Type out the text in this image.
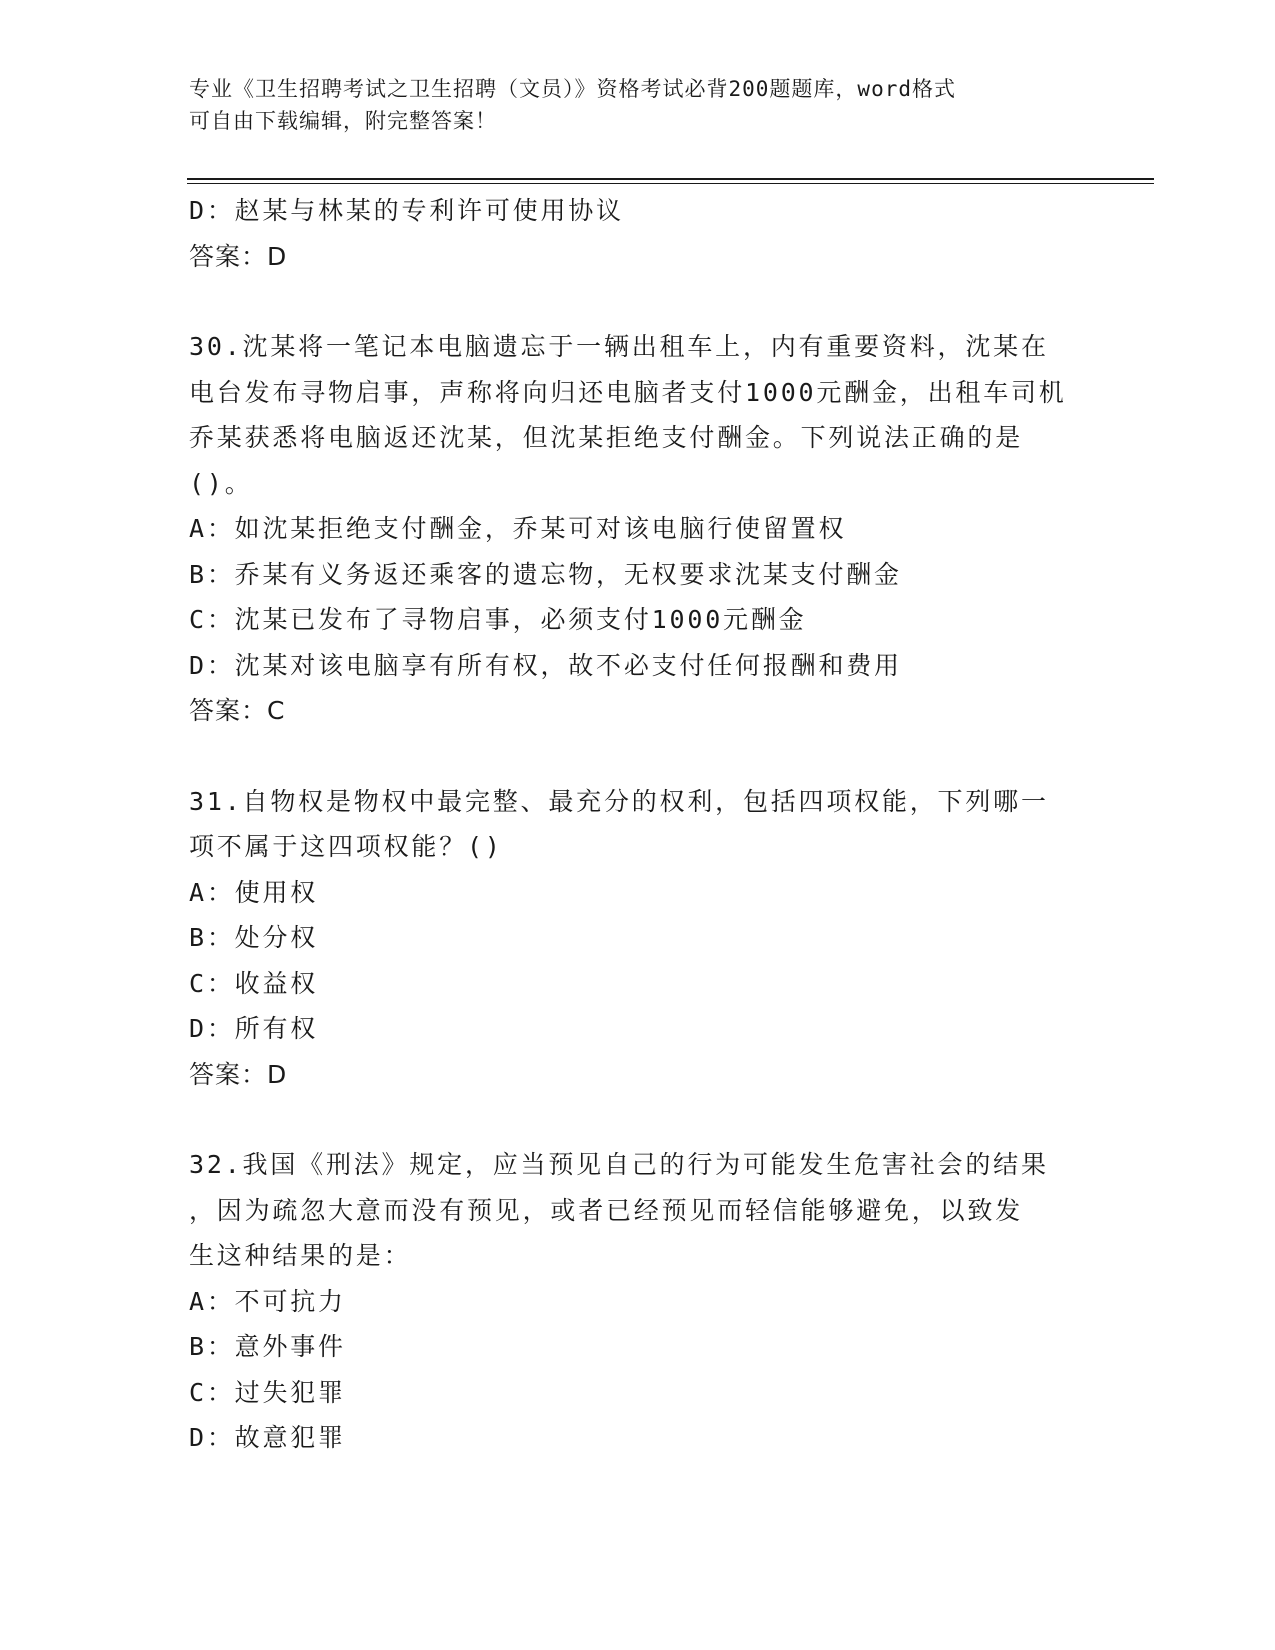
专业《卫生招聘考试之卫生招聘（文员）》资格考试必背200题题库，word格式
可自由下载编辑，附完整答案！
D：赵某与林某的专利许可使用协议
答案：D
30.沈某将一笔记本电脑遗忘于一辆出租车上，内有重要资料，沈某在电台发布寻物启事，声称将向归还电脑者支付1000元酬金，出租车司机乔某获悉将电脑返还沈某，但沈某拒绝支付酬金。下列说法正确的是()。
A：如沈某拒绝支付酬金，乔某可对该电脑行使留置权
B：乔某有义务返还乘客的遗忘物，无权要求沈某支付酬金
C：沈某已发布了寻物启事，必须支付1000元酬金
D：沈某对该电脑享有所有权，故不必支付任何报酬和费用
答案：C
31.自物权是物权中最完整、最充分的权利，包括四项权能，下列哪一项不属于这四项权能？()
A：使用权
B：处分权
C：收益权
D：所有权
答案：D
32.我国《刑法》规定，应当预见自己的行为可能发生危害社会的结果
，因为疏忽大意而没有预见，或者已经预见而轻信能够避免，以致发
生这种结果的是：
A：不可抗力
B：意外事件
C：过失犯罪
D：故意犯罪
